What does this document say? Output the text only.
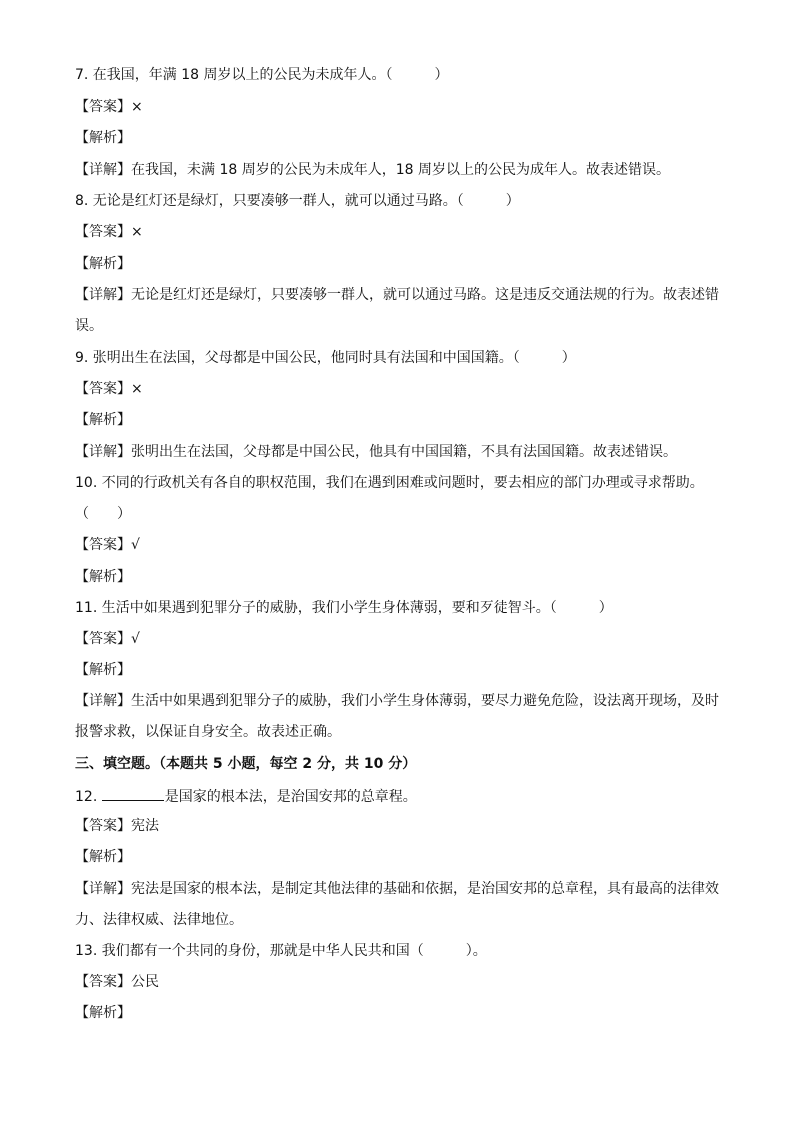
7. 在我国，年满 18 周岁以上的公民为未成年人。（　　　）
【答案】×
【解析】
【详解】在我国，未满 18 周岁的公民为未成年人，18 周岁以上的公民为成年人。故表述错误。
8. 无论是红灯还是绿灯，只要凑够一群人，就可以通过马路。（　　　）
【答案】×
【解析】
【详解】无论是红灯还是绿灯，只要凑够一群人，就可以通过马路。这是违反交通法规的行为。故表述错
误。
9. 张明出生在法国，父母都是中国公民，他同时具有法国和中国国籍。（　　　）
【答案】×
【解析】
【详解】张明出生在法国，父母都是中国公民，他具有中国国籍，不具有法国国籍。故表述错误。
10. 不同的行政机关有各自的职权范围，我们在遇到困难或问题时，要去相应的部门办理或寻求帮助。
（　　）
【答案】√
【解析】
11. 生活中如果遇到犯罪分子的威胁，我们小学生身体薄弱，要和歹徒智斗。（　　　）
【答案】√
【解析】
【详解】生活中如果遇到犯罪分子的威胁，我们小学生身体薄弱，要尽力避免危险，设法离开现场，及时
报警求救，以保证自身安全。故表述正确。
三、填空题。（本题共 5 小题，每空 2 分，共 10 分）
12.	是国家的根本法，是治国安邦的总章程。
【答案】宪法
【解析】
【详解】宪法是国家的根本法，是制定其他法律的基础和依据，是治国安邦的总章程，具有最高的法律效
力、法律权威、法律地位。
13. 我们都有一个共同的身份，那就是中华人民共和国（　　　）。
【答案】公民
【解析】
